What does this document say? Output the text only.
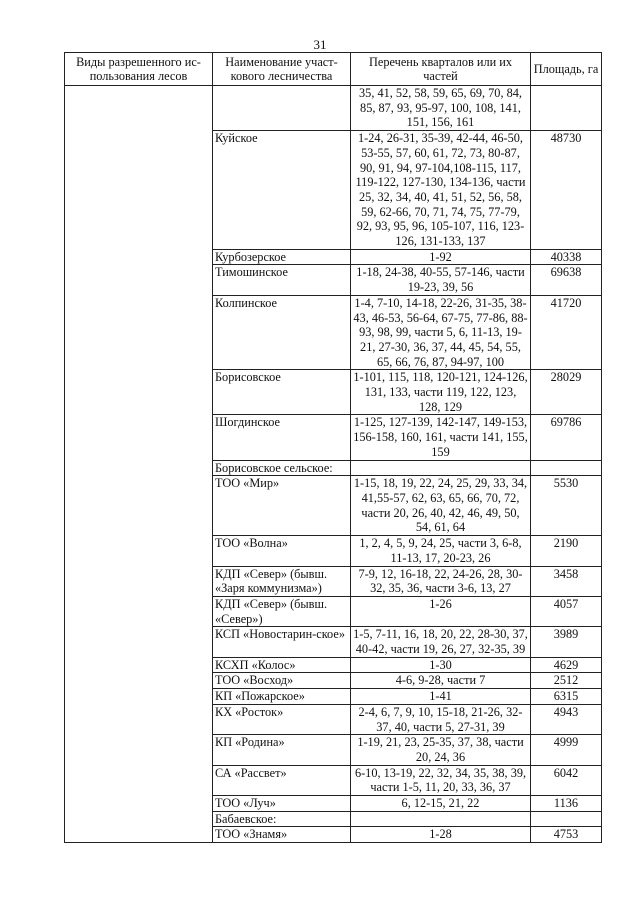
31
Виды разрешенного ис-пользования лесов	Наименование участ-кового лесничества	Перечень кварталов или их частей	Площадь, га
		35, 41, 52, 58, 59, 65, 69, 70, 84, 85, 87, 93, 95-97, 100, 108, 141, 151, 156, 161	
	Куйское	1-24, 26-31, 35-39, 42-44, 46-50, 53-55, 57, 60, 61, 72, 73, 80-87, 90, 91, 94, 97-104,108-115, 117, 119-122, 127-130, 134-136, части 25, 32, 34, 40, 41, 51, 52, 56, 58, 59, 62-66, 70, 71, 74, 75, 77-79, 92, 93, 95, 96, 105-107, 116, 123-126, 131-133, 137	48730
	Курбозерское	1-92	40338
	Тимошинское	1-18, 24-38, 40-55, 57-146, части 19-23, 39, 56	69638
	Колпинское	1-4, 7-10, 14-18, 22-26, 31-35, 38-43, 46-53, 56-64, 67-75, 77-86, 88-93, 98, 99, части 5, 6, 11-13, 19-21, 27-30, 36, 37, 44, 45, 54, 55, 65, 66, 76, 87, 94-97, 100	41720
	Борисовское	1-101, 115, 118, 120-121, 124-126, 131, 133, части 119, 122, 123, 128, 129	28029
	Шогдинское	1-125, 127-139, 142-147, 149-153, 156-158, 160, 161, части 141, 155, 159	69786
	Борисовское сельское:		
	ТОО «Мир»	1-15, 18, 19, 22, 24, 25, 29, 33, 34, 41,55-57, 62, 63, 65, 66, 70, 72, части 20, 26, 40, 42, 46, 49, 50, 54, 61, 64	5530
	ТОО «Волна»	1, 2, 4, 5, 9, 24, 25, части 3, 6-8, 11-13, 17, 20-23, 26	2190
	КДП «Север» (бывш. «Заря коммунизма»)	7-9, 12, 16-18, 22, 24-26, 28, 30-32, 35, 36, части 3-6, 13, 27	3458
	КДП «Север» (бывш. «Север»)	1-26	4057
	КСП «Новостарин-ское»	1-5, 7-11, 16, 18, 20, 22, 28-30, 37, 40-42, части 19, 26, 27, 32-35, 39	3989
	КСХП «Колос»	1-30	4629
	ТОО «Восход»	4-6, 9-28, части 7	2512
	КП «Пожарское»	1-41	6315
	КХ «Росток»	2-4, 6, 7, 9, 10, 15-18, 21-26, 32-37, 40, части 5, 27-31, 39	4943
	КП «Родина»	1-19, 21, 23, 25-35, 37, 38, части 20, 24, 36	4999
	СА «Рассвет»	6-10, 13-19, 22, 32, 34, 35, 38, 39, части 1-5, 11, 20, 33, 36, 37	6042
	ТОО «Луч»	6, 12-15, 21, 22	1136
	Бабаевское:		
	ТОО «Знамя»	1-28	4753
